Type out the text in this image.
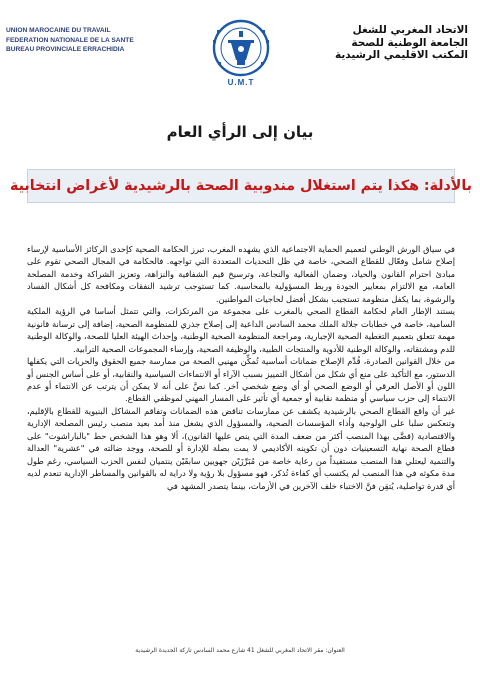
UNION MAROCAINE DU TRAVAIL
FEDERATION NATIONALE DE LA SANTE
BUREAU PROVINCIALE ERRACHIDIA
U.M.T
الاتحاد المغربي للشغل
الجامعة الوطنية للصحة
المكتب الاقليمي الرشيدية
بيان إلى الرأي العام
بالأدلة: هكذا يتم استغلال مندوبية الصحة بالرشيدية لأغراض انتخابية

في سياق الورش الوطني لتعميم الحماية الاجتماعية الذي يشهده المغرب، تبرز الحكامة الصحية كإحدى الركائز الأساسية لإرساء إصلاح شامل وفعّال للقطاع الصحي، خاصة في ظل التحديات المتعددة التي تواجهه. فالحكامة في المجال الصحي تقوم على مبادئ احترام القانون والحياد، وضمان الفعالية والنجاعة، وترسيخ قيم الشفافية والنزاهة، وتعزيز الشراكة وخدمة المصلحة العامة، مع الالتزام بمعايير الجودة وربط المسؤولية بالمحاسبة. كما تستوجب ترشيد النفقات ومكافحة كل أشكال الفساد والرشوة، بما يكفل منظومة تستجيب بشكل أفضل لحاجيات المواطنين.

يستند الإطار العام لحكامة القطاع الصحي بالمغرب على مجموعة من المرتكزات، والتي تتمثل أساسا في الرؤية الملكية السامية، خاصة في خطابات جلالة الملك محمد السادس الداعية إلى إصلاح جذري للمنظومة الصحية، إضافة إلى ترسانة قانونية مهمة تتعلق بتعميم التغطية الصحية الإجبارية، ومراجعة المنظومة الصحية الوطنية، وإحداث الهيئة العليا للصحة، والوكالة الوطنية للدم ومشتقاته، والوكالة الوطنية للأدوية والمنتجات الطبية، والوظيفة الصحية، وإرساء المجموعات الصحية الترابية.

من خلال القوانين الصادرة، قُدِّم الإصلاح ضمانات أساسية تُمكِّن مهنيي الصحة من ممارسة جميع الحقوق والحريات التي يكفلها الدستور، مع التأكيد على منع أي شكل من أشكال التمييز بسبب الآراء أو الانتماءات السياسية والنقابية، أو على أساس الجنس أو اللون أو الأصل العرقي أو الوضع الصحي أو أي وضع شخصي آخر. كما نصَّ على أنه لا يمكن أن يترتب عن الانتماء أو عدم الانتماء إلى حزب سياسي أو منظمة نقابية أو جمعية أي تأثير على المسار المهني لموظفي القطاع.

غير أن واقع القطاع الصحي بالرشيدية يكشف عن ممارسات تناقض هذه الضمانات وتفاقم المشاكل البنيوية للقطاع بالإقليم، وتنعكس سلبا على الولوجية وأداء المؤسسات الصحية، والمسؤول الذي يشغل منذ أمد بعيد منصب رئيس المصلحة الإدارية والاقتصادية (قضَّى بهذا المنصب أكثر من ضعف المدة التي ينص عليها القانون)، ألا وهو هذا الشخص حط "بالباراشوت" على قطاع الصحة نهاية التسعينيات دون أن تكوينه الأكاديمي لا يمت بصلة للإدارة أو للصحة، ووجد ضالته في "عشرية" العدالة والتنمية ليعتلي هذا المنصب مستفيداً من رعاية خاصة من مُبَرِّزَيْن جهويين سابقَيْن ينتميان لنفس الحزب السياسي، رغم طول مدة مكوثه في هذا المنصب لم يكتسب أي كفاءة تُذكر، فهو مسؤول بلا رؤية ولا دراية له بالقوانين والمساطر الإدارية تنعدم لديه أي قدرة تواصلية، يُتقِن فنَّ الاختباء خلف الآخرين في الأزمات، بينما يتصدر المشهد في

العنوان: مقر الاتحاد المغربي للشغل 41 شارع محمد السادس تاركة الجديدة الرشيدية
